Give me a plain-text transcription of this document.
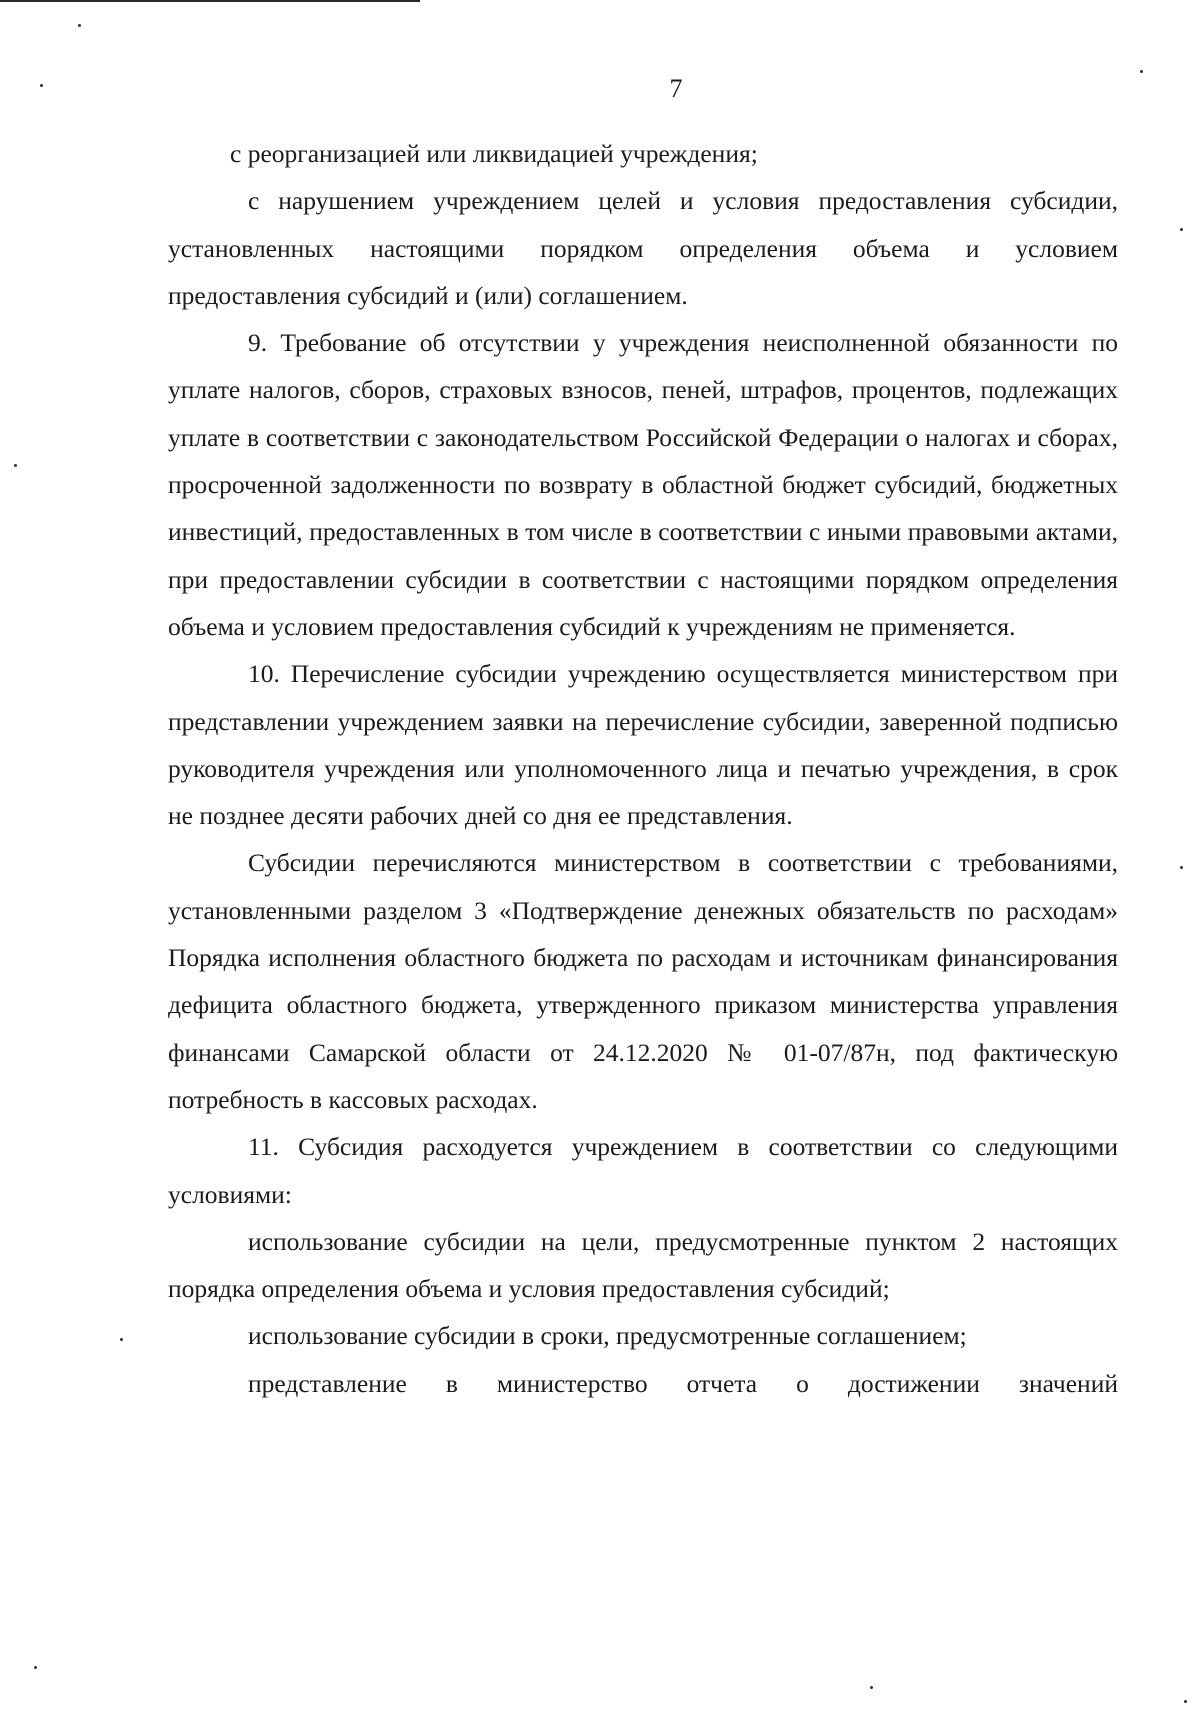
7

с реорганизацией или ликвидацией учреждения;

с нарушением учреждением целей и условия предоставления субсидии, установленных настоящими порядком определения объема и условием предоставления субсидий и (или) соглашением.

9. Требование об отсутствии у учреждения неисполненной обязанности по уплате налогов, сборов, страховых взносов, пеней, штрафов, процентов, подлежащих уплате в соответствии с законодательством Российской Федерации о налогах и сборах, просроченной задолженности по возврату в областной бюджет субсидий, бюджетных инвестиций, предоставленных в том числе в соответствии с иными правовыми актами, при предоставлении субсидии в соответствии с настоящими порядком определения объема и условием предоставления субсидий к учреждениям не применяется.

10. Перечисление субсидии учреждению осуществляется министерством при представлении учреждением заявки на перечисление субсидии, заверенной подписью руководителя учреждения или уполномоченного лица и печатью учреждения, в срок не позднее десяти рабочих дней со дня ее представления.

Субсидии перечисляются министерством в соответствии с требованиями, установленными разделом 3 «Подтверждение денежных обязательств по расходам» Порядка исполнения областного бюджета по расходам и источникам финансирования дефицита областного бюджета, утвержденного приказом министерства управления финансами Самарской области от 24.12.2020 № 01-07/87н, под фактическую потребность в кассовых расходах.

11. Субсидия расходуется учреждением в соответствии со следующими условиями:

использование субсидии на цели, предусмотренные пунктом 2 настоящих порядка определения объема и условия предоставления субсидий;

использование субсидии в сроки, предусмотренные соглашением;

представление в министерство отчета о достижении значений
